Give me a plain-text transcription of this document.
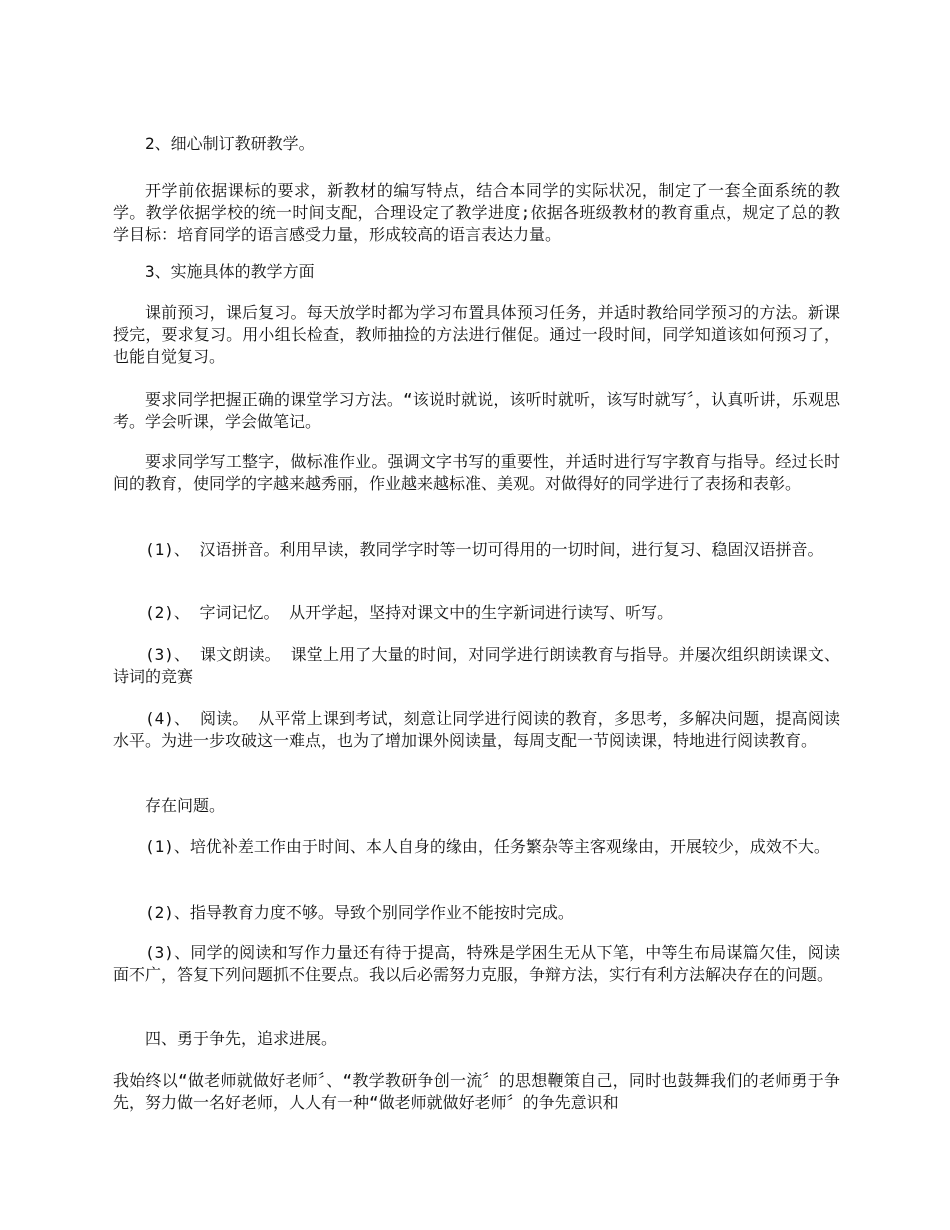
2、细心制订教研教学。

开学前依据课标的要求，新教材的编写特点，结合本同学的实际状况，制定了一套全面系统的教学。教学依据学校的统一时间支配，合理设定了教学进度;依据各班级教材的教育重点，规定了总的教学目标：培育同学的语言感受力量，形成较高的语言表达力量。

3、实施具体的教学方面

课前预习，课后复习。每天放学时都为学习布置具体预习任务，并适时教给同学预习的方法。新课授完，要求复习。用小组长检查，教师抽捡的方法进行催促。通过一段时间，同学知道该如何预习了，也能自觉复习。

要求同学把握正确的课堂学习方法。“该说时就说，该听时就听，该写时就写〞，认真听讲，乐观思考。学会听课，学会做笔记。

要求同学写工整字，做标准作业。强调文字书写的重要性，并适时进行写字教育与指导。经过长时间的教育，使同学的字越来越秀丽，作业越来越标准、美观。对做得好的同学进行了表扬和表彰。

(1)、 汉语拼音。利用早读，教同学字时等一切可得用的一切时间，进行复习、稳固汉语拼音。

(2)、 字词记忆。 从开学起，坚持对课文中的生字新词进行读写、听写。

(3)、 课文朗读。 课堂上用了大量的时间，对同学进行朗读教育与指导。并屡次组织朗读课文、诗词的竞赛

(4)、 阅读。 从平常上课到考试，刻意让同学进行阅读的教育，多思考，多解决问题，提高阅读水平。为进一步攻破这一难点，也为了增加课外阅读量，每周支配一节阅读课，特地进行阅读教育。

存在问题。

(1)、培优补差工作由于时间、本人自身的缘由，任务繁杂等主客观缘由，开展较少，成效不大。

(2)、指导教育力度不够。导致个别同学作业不能按时完成。

(3)、同学的阅读和写作力量还有待于提高，特殊是学困生无从下笔，中等生布局谋篇欠佳，阅读面不广，答复下列问题抓不住要点。我以后必需努力克服，争辩方法，实行有利方法解决存在的问题。

四、勇于争先，追求进展。

我始终以“做老师就做好老师〞、“教学教研争创一流〞的思想鞭策自己，同时也鼓舞我们的老师勇于争先，努力做一名好老师，人人有一种“做老师就做好老师〞的争先意识和
